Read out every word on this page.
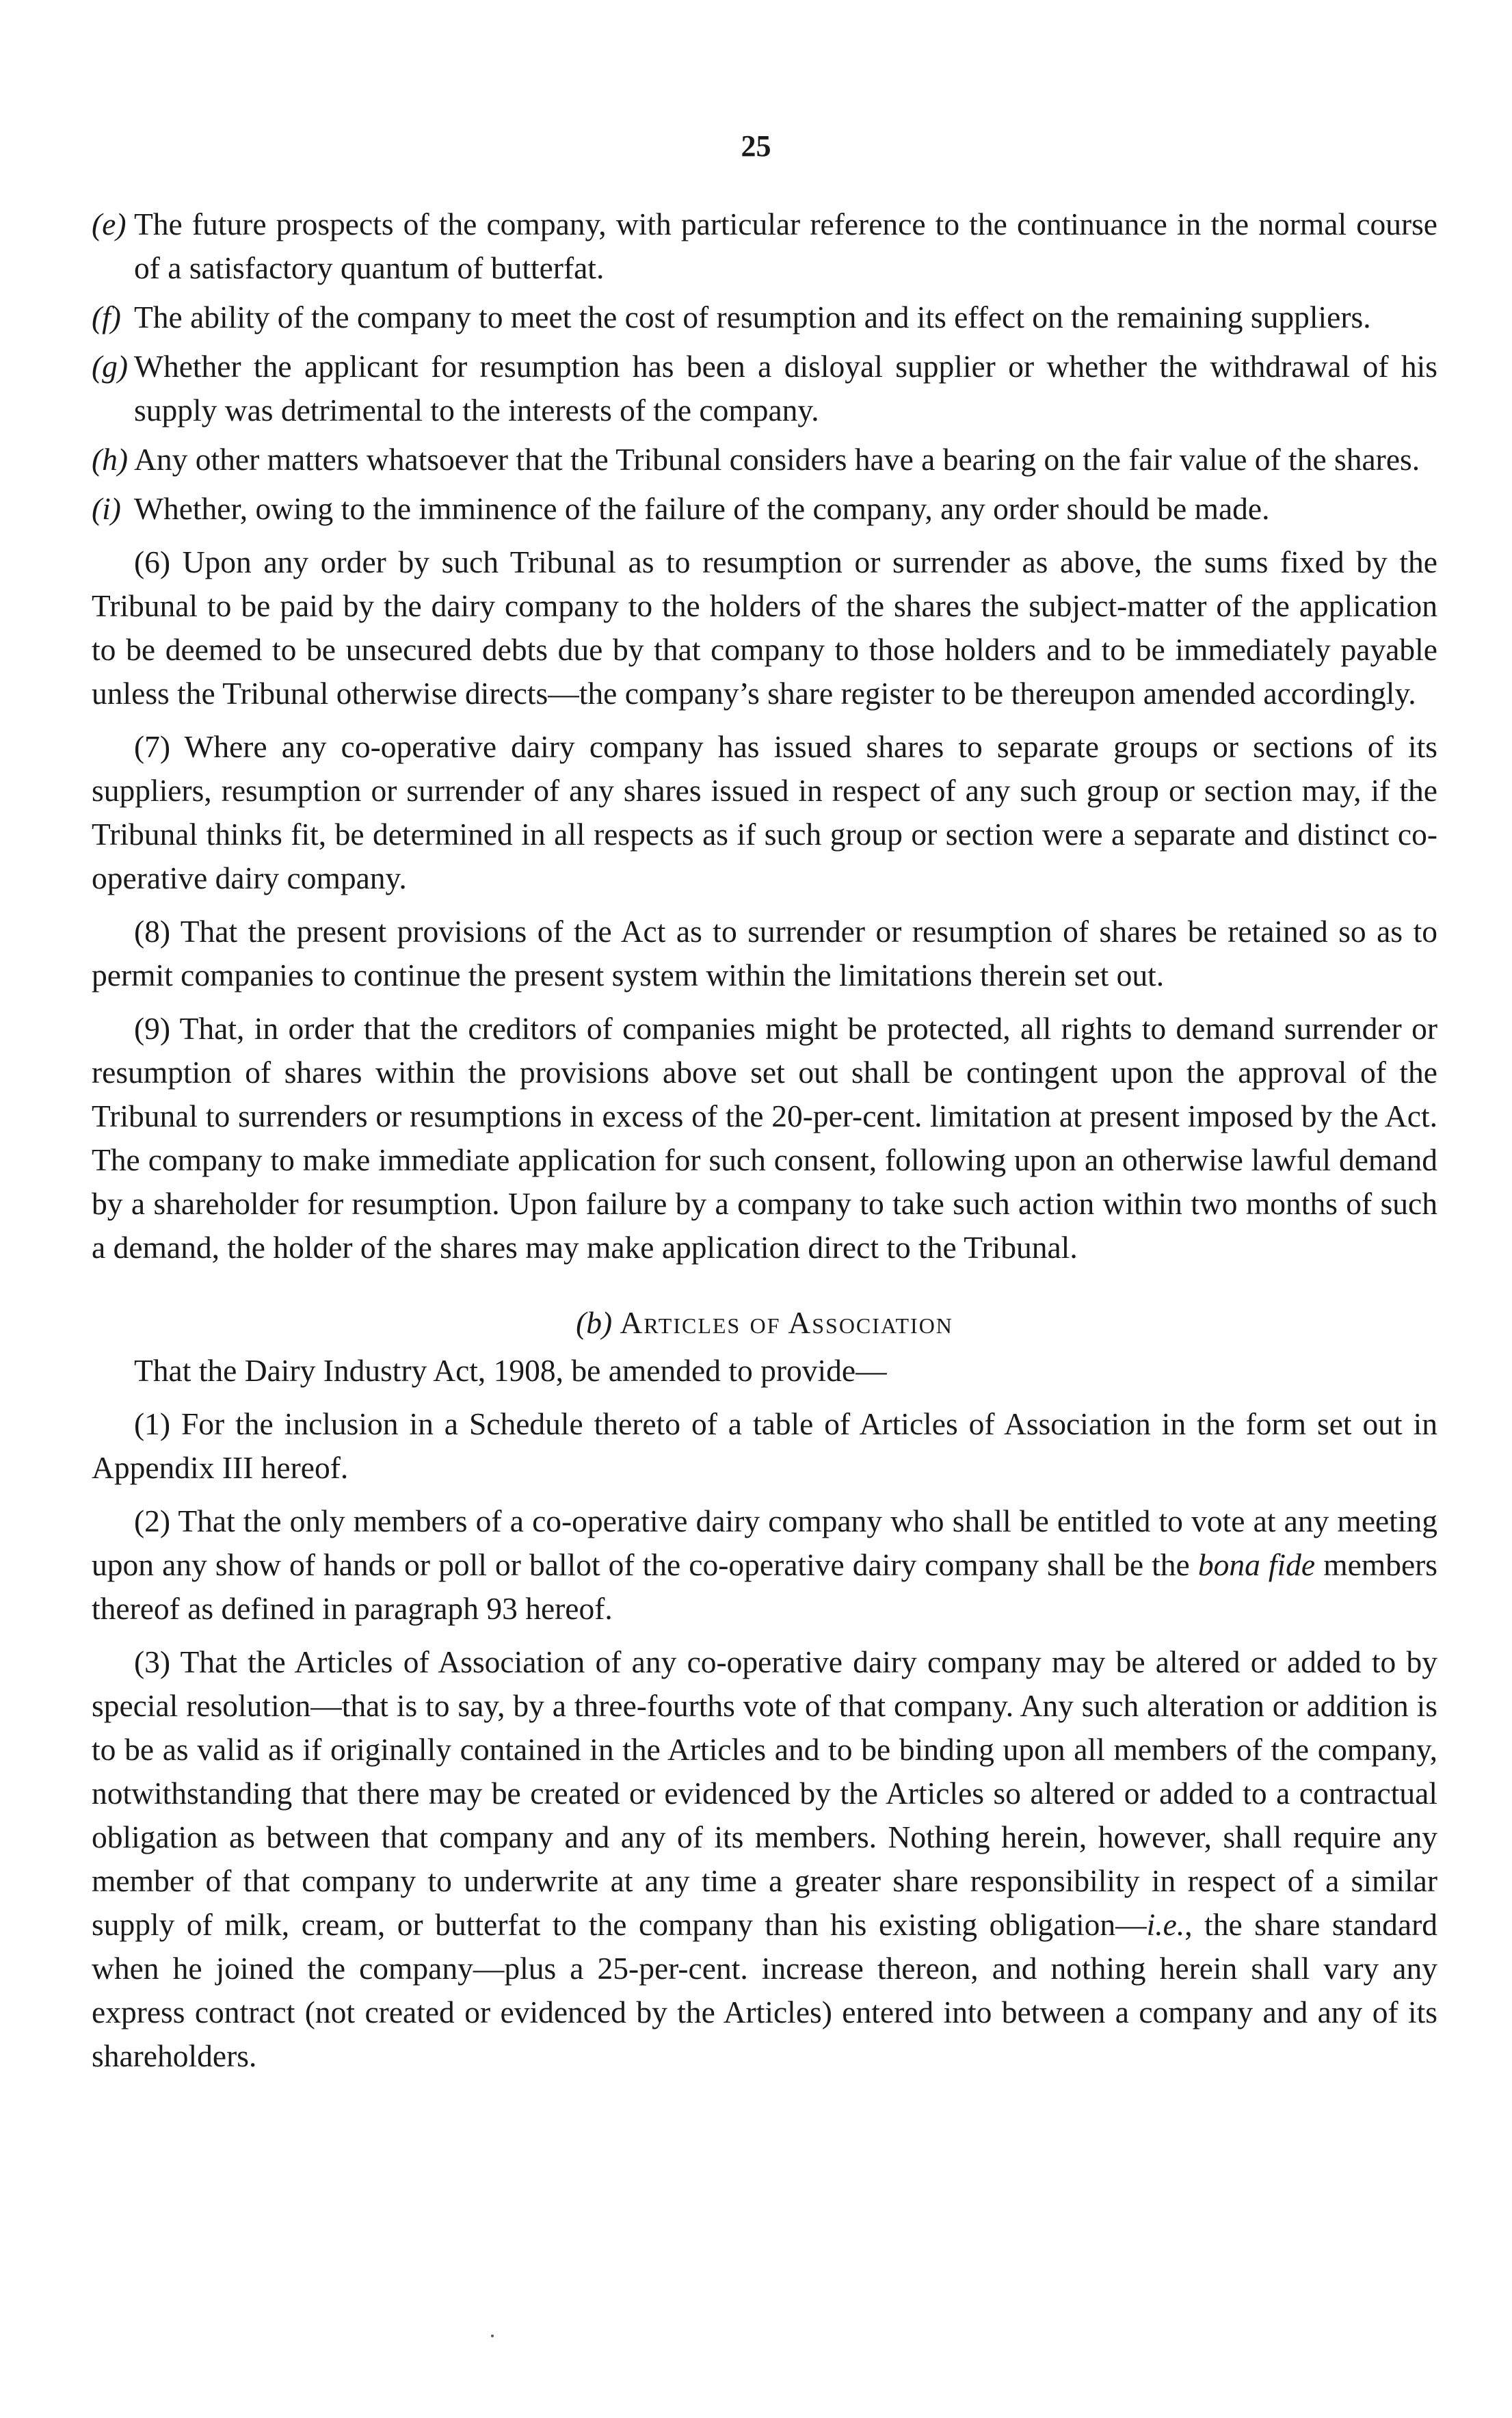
25
(e) The future prospects of the company, with particular reference to the continuance in the normal course of a satisfactory quantum of butterfat.
(f) The ability of the company to meet the cost of resumption and its effect on the remaining suppliers.
(g) Whether the applicant for resumption has been a disloyal supplier or whether the withdrawal of his supply was detrimental to the interests of the company.
(h) Any other matters whatsoever that the Tribunal considers have a bearing on the fair value of the shares.
(i) Whether, owing to the imminence of the failure of the company, any order should be made.

(6) Upon any order by such Tribunal as to resumption or surrender as above, the sums fixed by the Tribunal to be paid by the dairy company to the holders of the shares the subject-matter of the application to be deemed to be unsecured debts due by that company to those holders and to be immediately payable unless the Tribunal otherwise directs—the company’s share register to be thereupon amended accordingly.

(7) Where any co-operative dairy company has issued shares to separate groups or sections of its suppliers, resumption or surrender of any shares issued in respect of any such group or section may, if the Tribunal thinks fit, be determined in all respects as if such group or section were a separate and distinct co-operative dairy company.

(8) That the present provisions of the Act as to surrender or resumption of shares be retained so as to permit companies to continue the present system within the limitations therein set out.

(9) That, in order that the creditors of companies might be protected, all rights to demand surrender or resumption of shares within the provisions above set out shall be contingent upon the approval of the Tribunal to surrenders or resumptions in excess of the 20-per-cent. limitation at present imposed by the Act. The company to make immediate application for such consent, following upon an otherwise lawful demand by a shareholder for resumption. Upon failure by a company to take such action within two months of such a demand, the holder of the shares may make application direct to the Tribunal.

(b) Articles of Association

That the Dairy Industry Act, 1908, be amended to provide—

(1) For the inclusion in a Schedule thereto of a table of Articles of Association in the form set out in Appendix III hereof.

(2) That the only members of a co-operative dairy company who shall be entitled to vote at any meeting upon any show of hands or poll or ballot of the co-operative dairy company shall be the bona fide members thereof as defined in paragraph 93 hereof.

(3) That the Articles of Association of any co-operative dairy company may be altered or added to by special resolution—that is to say, by a three-fourths vote of that company. Any such alteration or addition is to be as valid as if originally contained in the Articles and to be binding upon all members of the company, notwithstanding that there may be created or evidenced by the Articles so altered or added to a contractual obligation as between that company and any of its members. Nothing herein, however, shall require any member of that company to underwrite at any time a greater share responsibility in respect of a similar supply of milk, cream, or butterfat to the company than his existing obligation—i.e., the share standard when he joined the company—plus a 25-per-cent. increase thereon, and nothing herein shall vary any express contract (not created or evidenced by the Articles) entered into between a company and any of its shareholders.
